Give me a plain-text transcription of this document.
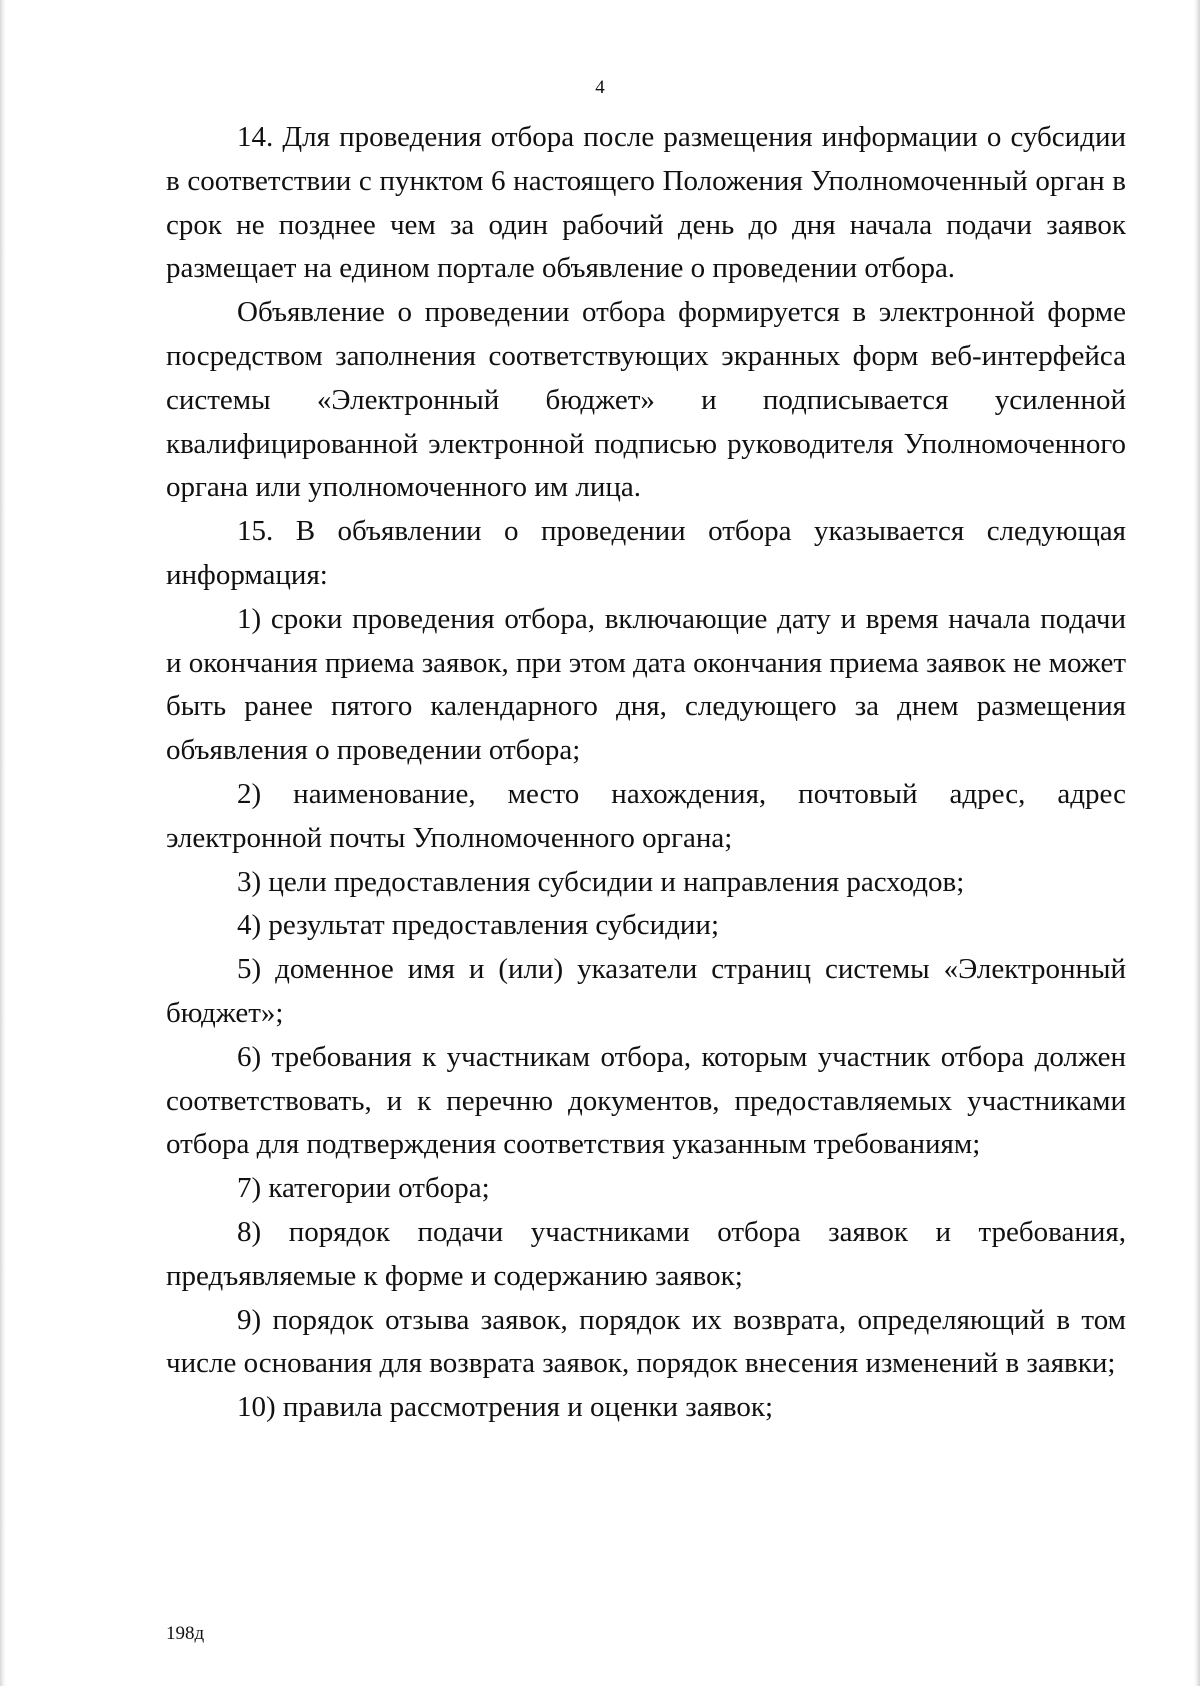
4

14. Для проведения отбора после размещения информации о субсидии в соответствии с пунктом 6 настоящего Положения Уполномоченный орган в срок не позднее чем за один рабочий день до дня начала подачи заявок размещает на едином портале объявление о проведении отбора.

Объявление о проведении отбора формируется в электронной форме посредством заполнения соответствующих экранных форм веб-интерфейса системы «Электронный бюджет» и подписывается усиленной квалифицированной электронной подписью руководителя Уполномоченного органа или уполномоченного им лица.

15. В объявлении о проведении отбора указывается следующая информация:

1) сроки проведения отбора, включающие дату и время начала подачи и окончания приема заявок, при этом дата окончания приема заявок не может быть ранее пятого календарного дня, следующего за днем размещения объявления о проведении отбора;

2) наименование, место нахождения, почтовый адрес, адрес электронной почты Уполномоченного органа;

3) цели предоставления субсидии и направления расходов;

4) результат предоставления субсидии;

5) доменное имя и (или) указатели страниц системы «Электронный бюджет»;

6) требования к участникам отбора, которым участник отбора должен соответствовать, и к перечню документов, предоставляемых участниками отбора для подтверждения соответствия указанным требованиям;

7) категории отбора;

8) порядок подачи участниками отбора заявок и требования, предъявляемые к форме и содержанию заявок;

9) порядок отзыва заявок, порядок их возврата, определяющий в том числе основания для возврата заявок, порядок внесения изменений в заявки;

10) правила рассмотрения и оценки заявок;

198д
